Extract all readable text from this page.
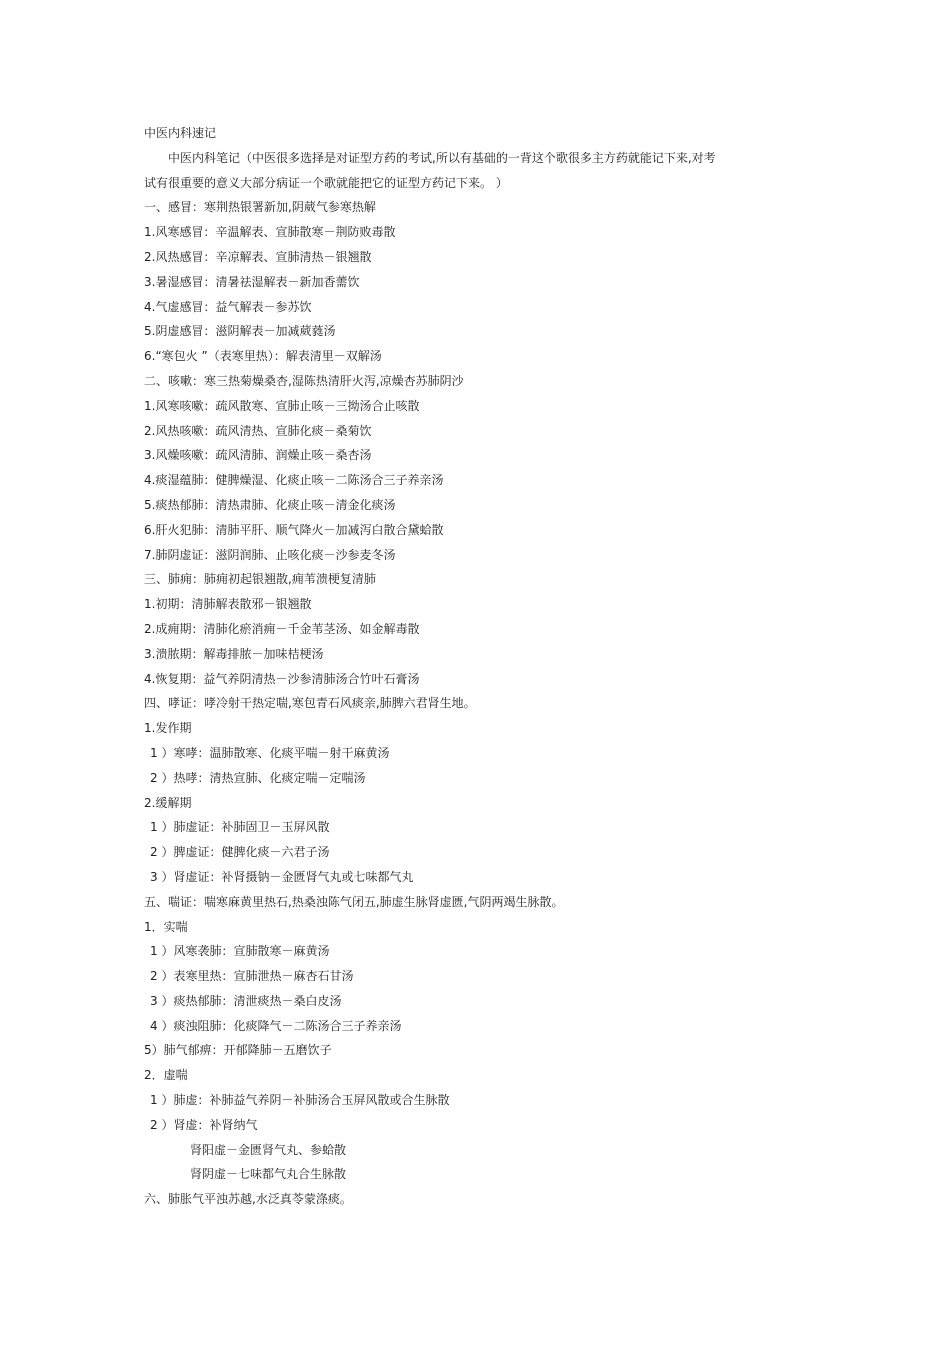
中医内科速记

中医内科笔记（中医很多选择是对证型方药的考试,所以有基础的一背这个歌很多主方药就能记下来,对考试有很重要的意义大部分病证一个歌就能把它的证型方药记下来。 ）

一、感冒：寒荆热银署新加,阴葳气参寒热解
1.风寒感冒：辛温解表、宣肺散寒－荆防败毒散
2.风热感冒：辛凉解表、宣肺清热－银翘散
3.暑湿感冒：清暑祛湿解表－新加香薷饮
4.气虚感冒：益气解表－参苏饮
5.阴虚感冒：滋阴解表－加减葳蕤汤
6.“寒包火 ”（表寒里热）：解表清里－双解汤
二、咳嗽：寒三热菊燥桑杏,湿陈热清肝火泻,凉燥杏苏肺阴沙
1.风寒咳嗽：疏风散寒、宣肺止咳－三拗汤合止咳散
2.风热咳嗽：疏风清热、宣肺化痰－桑菊饮
3.风燥咳嗽：疏风清肺、润燥止咳－桑杏汤
4.痰湿蕴肺：健脾燥湿、化痰止咳－二陈汤合三子养亲汤
5.痰热郁肺：清热肃肺、化痰止咳－清金化痰汤
6.肝火犯肺：清肺平肝、顺气降火－加减泻白散合黛蛤散
7.肺阴虚证：滋阴润肺、止咳化痰－沙参麦冬汤
三、肺痈：肺痈初起银翘散,痈苇溃梗复清肺
1.初期：清肺解表散邪－银翘散
2.成痈期：清肺化瘀消痈－千金苇茎汤、如金解毒散
3.溃脓期：解毒排脓－加味桔梗汤
4.恢复期：益气养阴清热－沙参清肺汤合竹叶石膏汤
四、哮证：哮冷射干热定喘,寒包青石风痰亲,肺脾六君肾生地。
1.发作期
1 ）寒哮：温肺散寒、化痰平喘－射干麻黄汤
2 ）热哮：清热宣肺、化痰定喘－定喘汤
2.缓解期
1 ）肺虚证：补肺固卫－玉屏风散
2 ）脾虚证：健脾化痰－六君子汤
3 ）肾虚证：补肾摄钠－金匮肾气丸或七味都气丸
五、喘证：喘寒麻黄里热石,热桑浊陈气闭五,肺虚生脉肾虚匮,气阴两竭生脉散。
1．实喘
1 ）风寒袭肺：宣肺散寒－麻黄汤
2 ）表寒里热：宣肺泄热－麻杏石甘汤
3 ）痰热郁肺：清泄痰热－桑白皮汤
4 ）痰浊阻肺：化痰降气－二陈汤合三子养亲汤
5）肺气郁痹：开郁降肺－五磨饮子
2．虚喘
1 ）肺虚：补肺益气养阴－补肺汤合玉屏风散或合生脉散
2 ）肾虚：补肾纳气
肾阳虚－金匮肾气丸、参蛤散
肾阴虚－七味都气丸合生脉散
六、肺胀气平浊苏越,水泛真苓蒙涤痰。
